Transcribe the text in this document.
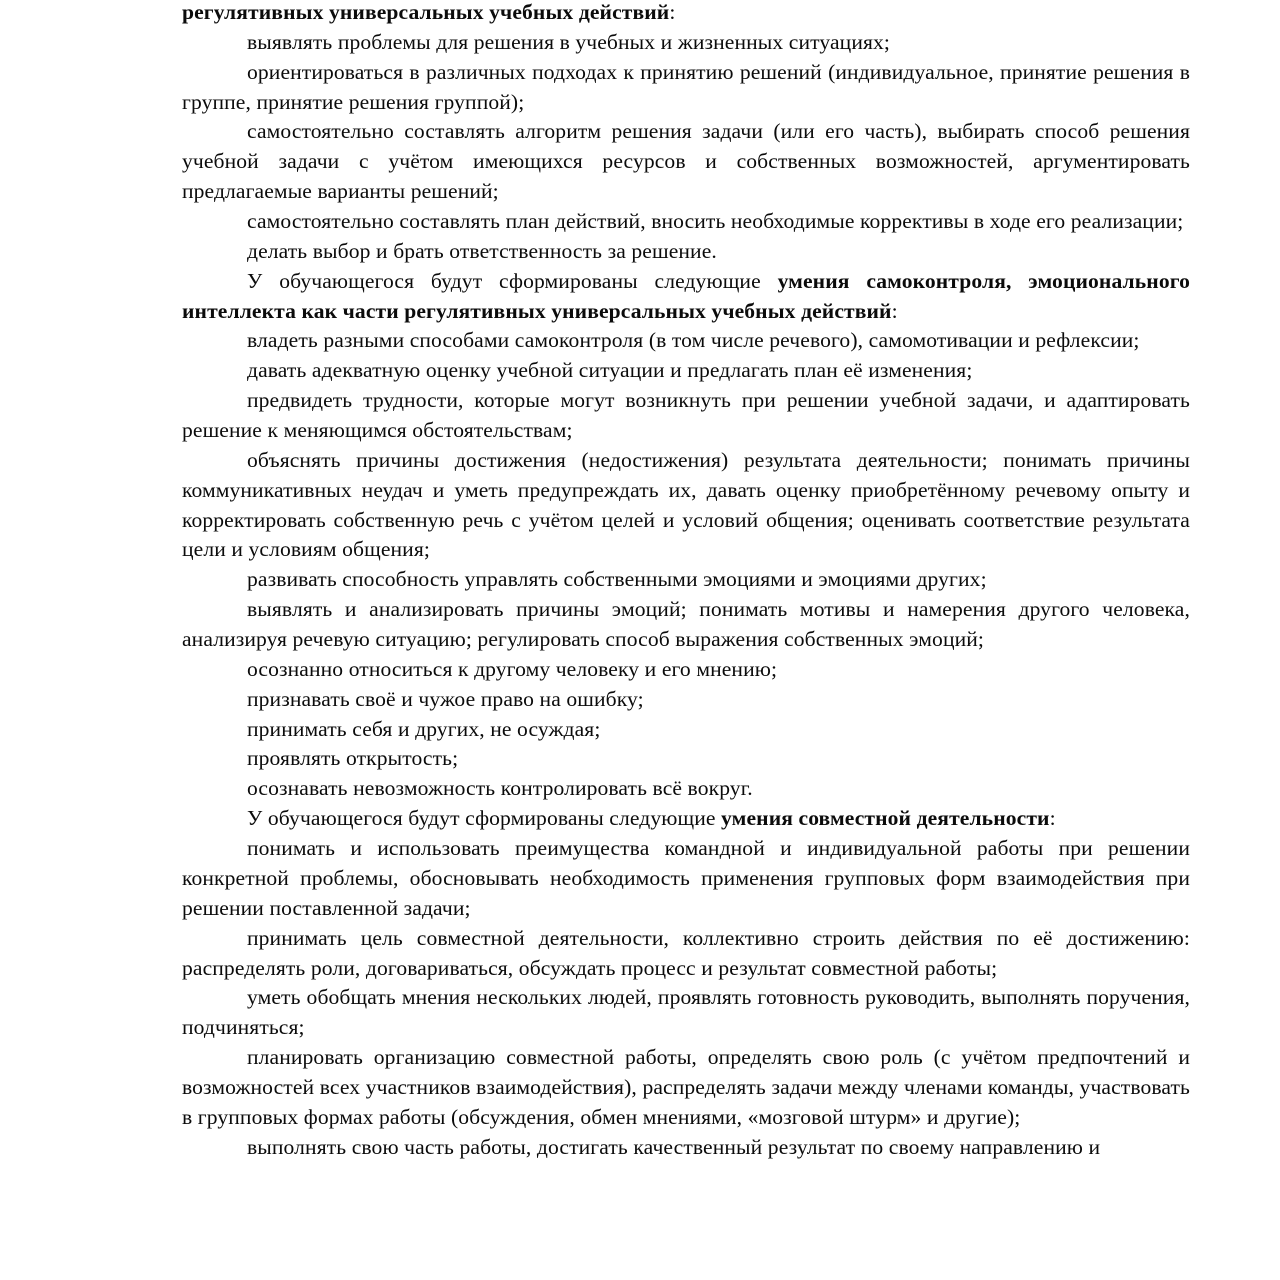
регулятивных универсальных учебных действий:

выявлять проблемы для решения в учебных и жизненных ситуациях;

ориентироваться в различных подходах к принятию решений (индивидуальное, принятие решения в группе, принятие решения группой);

самостоятельно составлять алгоритм решения задачи (или его часть), выбирать способ решения учебной задачи с учётом имеющихся ресурсов и собственных возможностей, аргументировать предлагаемые варианты решений;

самостоятельно составлять план действий, вносить необходимые коррективы в ходе его реализации;

делать выбор и брать ответственность за решение.

У обучающегося будут сформированы следующие умения самоконтроля, эмоционального интеллекта как части регулятивных универсальных учебных действий:

владеть разными способами самоконтроля (в том числе речевого), самомотивации и рефлексии;

давать адекватную оценку учебной ситуации и предлагать план её изменения;

предвидеть трудности, которые могут возникнуть при решении учебной задачи, и адаптировать решение к меняющимся обстоятельствам;

объяснять причины достижения (недостижения) результата деятельности; понимать причины коммуникативных неудач и уметь предупреждать их, давать оценку приобретённому речевому опыту и корректировать собственную речь с учётом целей и условий общения; оценивать соответствие результата цели и условиям общения;

развивать способность управлять собственными эмоциями и эмоциями других;

выявлять и анализировать причины эмоций; понимать мотивы и намерения другого человека, анализируя речевую ситуацию; регулировать способ выражения собственных эмоций;

осознанно относиться к другому человеку и его мнению;

признавать своё и чужое право на ошибку;

принимать себя и других, не осуждая;

проявлять открытость;

осознавать невозможность контролировать всё вокруг.

У обучающегося будут сформированы следующие умения совместной деятельности:

понимать и использовать преимущества командной и индивидуальной работы при решении конкретной проблемы, обосновывать необходимость применения групповых форм взаимодействия при решении поставленной задачи;

принимать цель совместной деятельности, коллективно строить действия по её достижению: распределять роли, договариваться, обсуждать процесс и результат совместной работы;

уметь обобщать мнения нескольких людей, проявлять готовность руководить, выполнять поручения, подчиняться;

планировать организацию совместной работы, определять свою роль (с учётом предпочтений и возможностей всех участников взаимодействия), распределять задачи между членами команды, участвовать в групповых формах работы (обсуждения, обмен мнениями, «мозговой штурм» и другие);

выполнять свою часть работы, достигать качественный результат по своему направлению и
